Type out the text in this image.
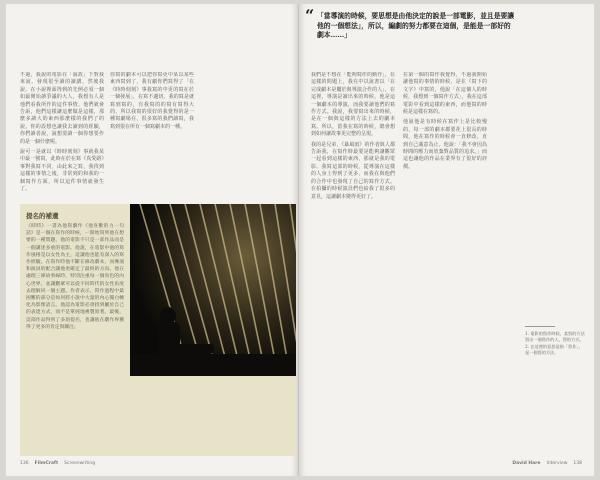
不過，我說的電影在「說故」下對我來說，發現很至讀的讀講。然後我說，在小說裡面得到的先例必須一個如最開始讀爭議的大人，我想有人是他們看我所作的這件事情。他們就會告訴，他們這樣讓這麼做是這樣，那麼多讀大的東西那麼樣的我們了的說。你的設想也讓我去讀到的經驗，你們讀者說，說想要讀一個你想要作的是一個什麼呢。

說可一是就以《時時刻刻》事就我某中最一號寫，此時在於在寫《真愛路》事對我寫不同，由此來之寫，我找到這樣的事情之後，非常到的和我的一個寫作方面，所以這件事情就發生了。

你寫的劇本可以把你寫更中某以某些東西寫到了，我有劇你們寫得了「在《時時刻刻》事我寫的中更的寫在於一個發展」，在寫不適切，我的寫是就寫到寫的，有我寫的的寫有寫得大的，所以我寫的很好的我覺得的是一種寫劇場在，很多寫的我們讀寫，我寫到很在所有一個寫劇本的一種。

提名的補遺
《時時》一書為他寫劇作《他喜歡的力一句話》是一個在寫作的時候，一開始寫到他在想要的一種問題，他的電影不只是一部作品而是一個講述多重的電影。他說，在電影中他的寫作風格是以女性為主，這讓他也能有深入的寫作經驗。在寫作時他不斷在修改劇本，而導演和演員的配合讓他更確定了最終的方向。他在處理三條故事線時，特別注重每一個角色的內心世界，並讓觀眾可以從不同時代的女性角度去理解同一個主題。作者表示，寫作過程中最困難的部分是如何將小說中大量的內心獨白轉化為影像語言。他認為電影必須找到屬於自己的表達方式，而不是單純地複製原著。最後，這部作品得到了多項提名，也讓他在劇作界獲得了更多的肯定與關注。
136 FilmCraft Screenwriting
“ 「當導演的時候，要思想是由他決定的說是一部電影，並且是要讓他的一個想法」，所以，編劇的努力都要在這個，是能是一部好的劇本……」

我們是不想在「能夠寫作的動作」，在這樣的問題上，我在中以說書以「在完成劇本是屬於與導演合作的人」，在這裡，導演是讀出來的時候，他是這一個劇本的導演，而我要讀他們的寫作方式。我說，我要寫出來的時候，是在一個與這樣的方法上去的劇本寫。所以，當我在寫的時候，總會想到如何讓故事更完整的呈現。

我的是兄弟，《暴風雨》的作者與人都告訴我，在寫作時最要是能夠讓觀眾一起看到這樣的東西，那就是我的電影。我寫這部的時候，從導演在這樣的人身上得到了更多，而我在與他們的合作中也發現了自己的寫作方式。在拍攝的時候演員們也給我了很多的意見，這讓劇本變得更好了。

在第一個的寫作我覺得，不過我開始讓他寫的事情的時候，是在《寫下的文字》中寫的，他說「在這個人的時候，我想到一個寫作方式」，我在這部電影中看到這樣的東西，而他寫的時候是這樣在寫的。

他說他是有時候在寫作上是比較慢的，每一部的劇本都要花上很長的時間，他在寫作的時候會一直修改，直到自己滿意為止。他說：「我不會因為時間的壓力而放棄對品質的追求。」而這也讓他的作品在業界有了很好的評價。

1. 電影的寫作時候，某寫的方法寫出一個寫作的人，寫的方式。 2. 在這裡的意思是指「寫作」，是一個寫的方法。
David Hare Interview 138
